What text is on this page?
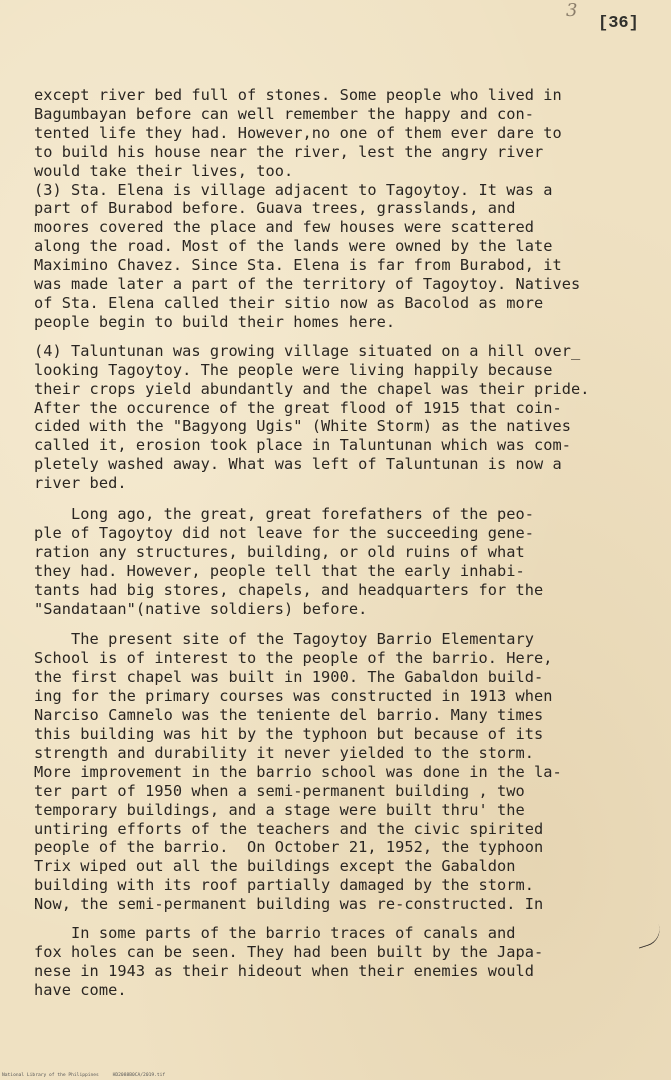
3
[36]
except river bed full of stones. Some people who lived in
Bagumbayan before can well remember the happy and con-
tented life they had. However,no one of them ever dare to
to build his house near the river, lest the angry river
would take their lives, too.
(3) Sta. Elena is village adjacent to Tagoytoy. It was a
part of Burabod before. Guava trees, grasslands, and
moores covered the place and few houses were scattered
along the road. Most of the lands were owned by the late
Maximino Chavez. Since Sta. Elena is far from Burabod, it
was made later a part of the territory of Tagoytoy. Natives
of Sta. Elena called their sitio now as Bacolod as more
people begin to build their homes here.
(4) Taluntunan was growing village situated on a hill over_
looking Tagoytoy. The people were living happily because
their crops yield abundantly and the chapel was their pride.
After the occurence of the great flood of 1915 that coin-
cided with the "Bagyong Ugis" (White Storm) as the natives
called it, erosion took place in Taluntunan which was com-
pletely washed away. What was left of Taluntunan is now a
river bed.
Long ago, the great, great forefathers of the peo-
ple of Tagoytoy did not leave for the succeeding gene-
ration any structures, building, or old ruins of what
they had. However, people tell that the early inhabi-
tants had big stores, chapels, and headquarters for the
"Sandataan"(native soldiers) before.
The present site of the Tagoytoy Barrio Elementary
School is of interest to the people of the barrio. Here,
the first chapel was built in 1900. The Gabaldon build-
ing for the primary courses was constructed in 1913 when
Narciso Camnelo was the teniente del barrio. Many times
this building was hit by the typhoon but because of its
strength and durability it never yielded to the storm.
More improvement in the barrio school was done in the la-
ter part of 1950 when a semi-permanent building , two
temporary buildings, and a stage were built thru' the
untiring efforts of the teachers and the civic spirited
people of the barrio.  On October 21, 1952, the typhoon
Trix wiped out all the buildings except the Gabaldon
building with its roof partially damaged by the storm.
Now, the semi-permanent building was re-constructed. In
In some parts of the barrio traces of canals and
fox holes can be seen. They had been built by the Japa-
nese in 1943 as their hideout when their enemies would
have come.
National Library of the Philippines     HD2088B0CA/2019.tif
